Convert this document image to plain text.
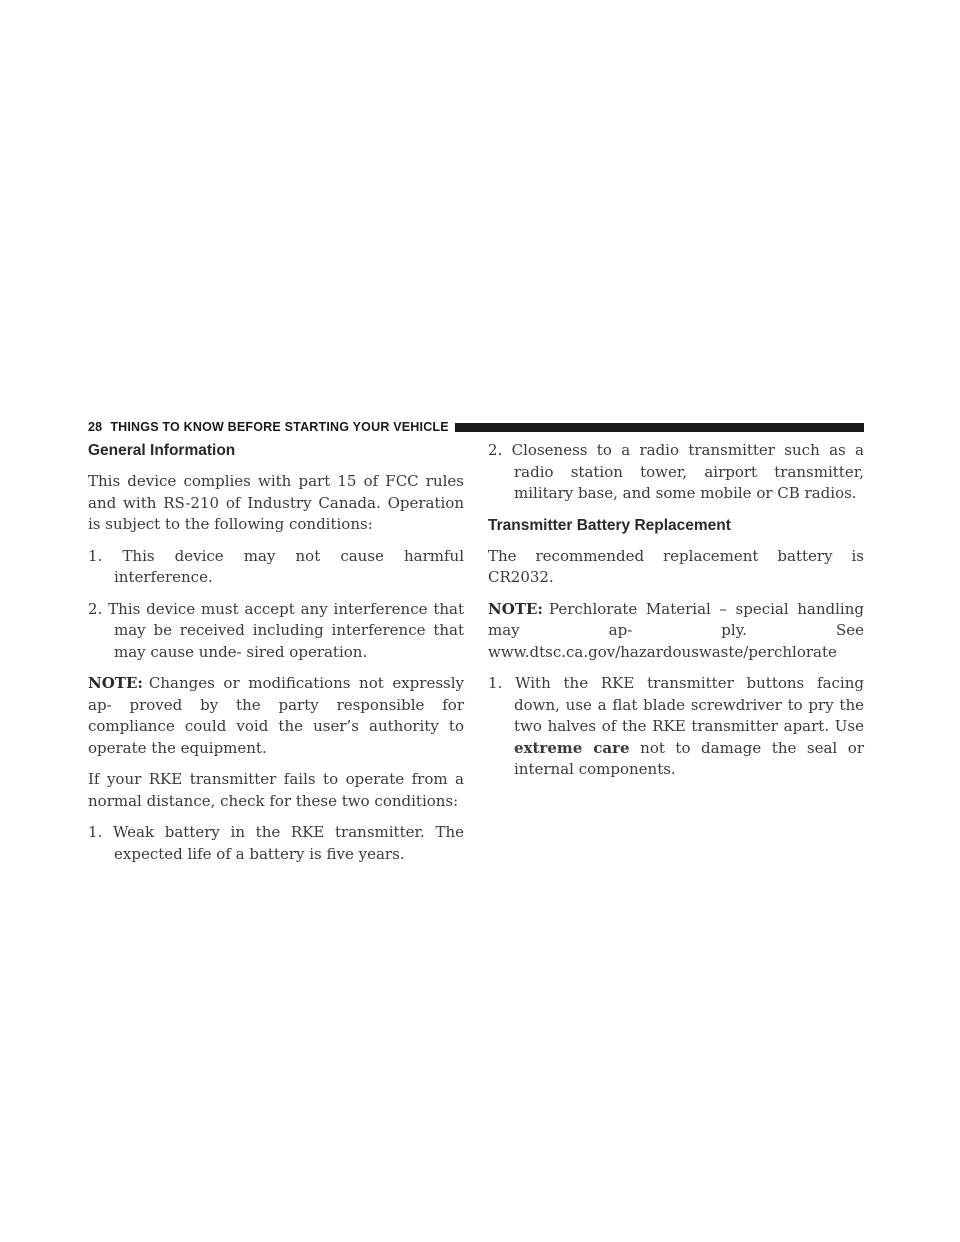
28 THINGS TO KNOW BEFORE STARTING YOUR VEHICLE
General Information

This device complies with part 15 of FCC rules and with RS-210 of Industry Canada. Operation is subject to the following conditions:

1. This device may not cause harmful interference.

2. This device must accept any interference that may be received including interference that may cause unde- sired operation.

NOTE: Changes or modifications not expressly ap- proved by the party responsible for compliance could void the user’s authority to operate the equipment.

If your RKE transmitter fails to operate from a normal distance, check for these two conditions:

1. Weak battery in the RKE transmitter. The expected life of a battery is five years.

2. Closeness to a radio transmitter such as a radio station tower, airport transmitter, military base, and some mobile or CB radios.

Transmitter Battery Replacement

The recommended replacement battery is CR2032.

NOTE: Perchlorate Material – special handling may ap- ply. See www.dtsc.ca.gov/hazardouswaste/perchlorate

1. With the RKE transmitter buttons facing down, use a flat blade screwdriver to pry the two halves of the RKE transmitter apart. Use extreme care not to damage the seal or internal components.
